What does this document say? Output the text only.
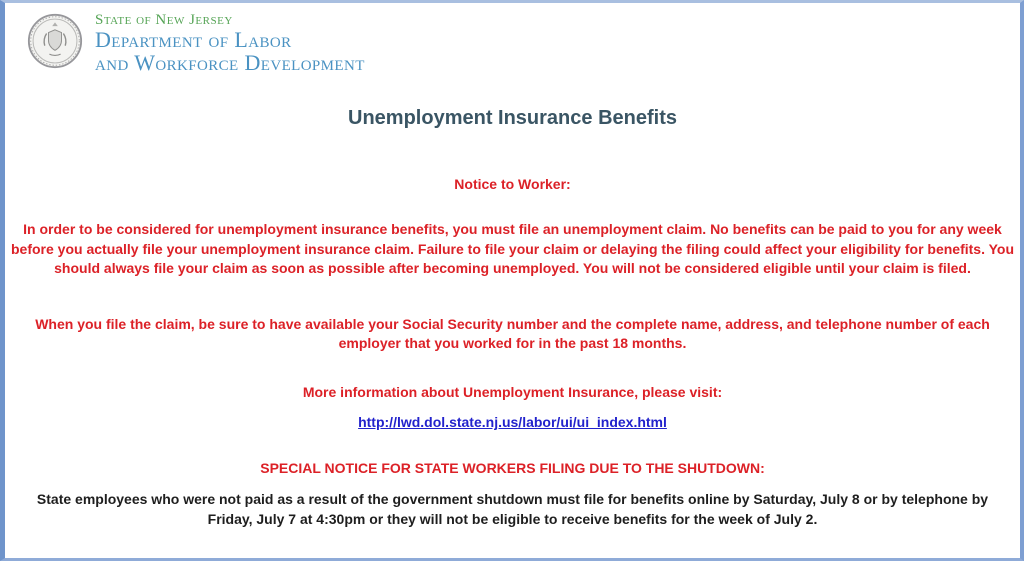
State of New Jersey
Department of Labor
and Workforce Development
Unemployment Insurance Benefits
Notice to Worker:

In order to be considered for unemployment insurance benefits, you must file an unemployment claim. No benefits can be paid to you for any week before you actually file your unemployment insurance claim. Failure to file your claim or delaying the filing could affect your eligibility for benefits. You should always file your claim as soon as possible after becoming unemployed. You will not be considered eligible until your claim is filed.

When you file the claim, be sure to have available your Social Security number and the complete name, address, and telephone number of each employer that you worked for in the past 18 months.

More information about Unemployment Insurance, please visit:
http://lwd.dol.state.nj.us/labor/ui/ui_index.html
SPECIAL NOTICE FOR STATE WORKERS FILING DUE TO THE SHUTDOWN:

State employees who were not paid as a result of the government shutdown must file for benefits online by Saturday, July 8 or by telephone by Friday, July 7 at 4:30pm or they will not be eligible to receive benefits for the week of July 2.
